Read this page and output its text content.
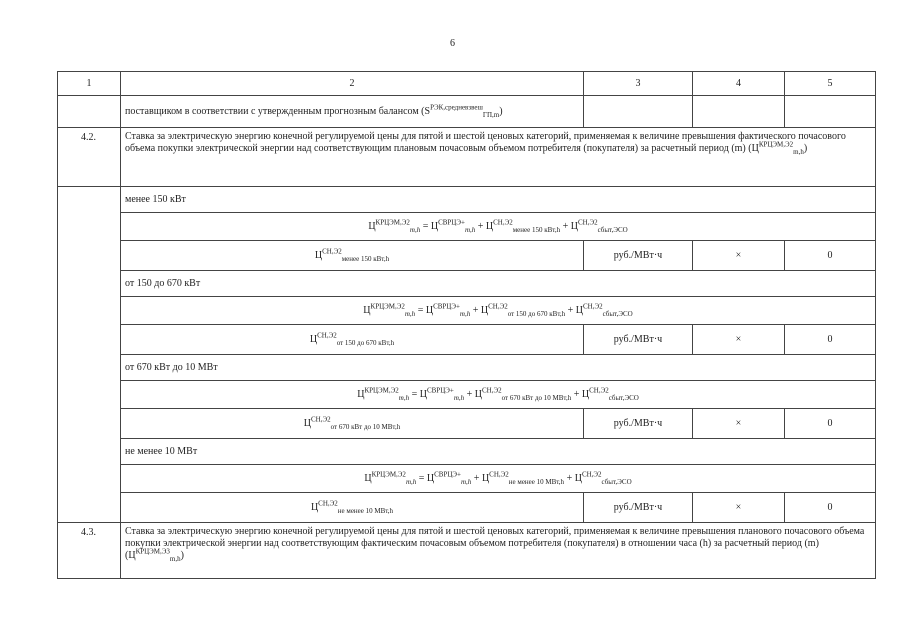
6
1	2	3	4	5
	поставщиком в соответствии с утвержденным прогнозным балансом $(S^{РЭК,средневзвеш}_{ГП,m})$			
4.2.	Ставка за электрическую энергию конечной регулируемой цены для пятой и шестой ценовых категорий, применяемая к величине превышения фактического почасового объема покупки электрической энергии над соответствующим плановым почасовым объемом потребителя (покупателя) за расчетный период (m) $(Ц^{КРЦЭМ,Э2}_{m,h})$			
	менее 150 кВт			
	$Ц^{КРЦЭМ,Э2}_{m,h} = Ц^{СВРЦЭ+}_{m,h} + Ц^{СН,Э2}_{менее 150 кВт,h} + Ц^{СН,Э2}_{сбыт,ЭСО}$
	$Ц^{СН,Э2}_{менее 150 кВт,h}$	руб./МВт·ч	×	0
	от 150 до 670 кВт			
	$Ц^{КРЦЭМ,Э2}_{m,h} = Ц^{СВРЦЭ+}_{m,h} + Ц^{СН,Э2}_{от 150 до 670 кВт,h} + Ц^{СН,Э2}_{сбыт,ЭСО}$
	$Ц^{СН,Э2}_{от 150 до 670 кВт,h}$	руб./МВт·ч	×	0
	от 670 кВт до 10 МВт			
	$Ц^{КРЦЭМ,Э2}_{m,h} = Ц^{СВРЦЭ+}_{m,h} + Ц^{СН,Э2}_{от 670 кВт до 10 МВт,h} + Ц^{СН,Э2}_{сбыт,ЭСО}$
	$Ц^{СН,Э2}_{от 670 кВт до 10 МВт,h}$	руб./МВт·ч	×	0
	не менее 10 МВт			
	$Ц^{КРЦЭМ,Э2}_{m,h} = Ц^{СВРЦЭ+}_{m,h} + Ц^{СН,Э2}_{не менее 10 МВт,h} + Ц^{СН,Э2}_{сбыт,ЭСО}$
	$Ц^{СН,Э2}_{не менее 10 МВт,h}$	руб./МВт·ч	×	0
4.3.	Ставка за электрическую энергию конечной регулируемой цены для пятой и шестой ценовых категорий, применяемая к величине превышения планового почасового объема покупки электрической энергии над соответствующим фактическим почасовым объемом потребителя (покупателя) в отношении часа (h) за расчетный период (m) $(Ц^{КРЦЭМ,Э3}_{m,h})$			
